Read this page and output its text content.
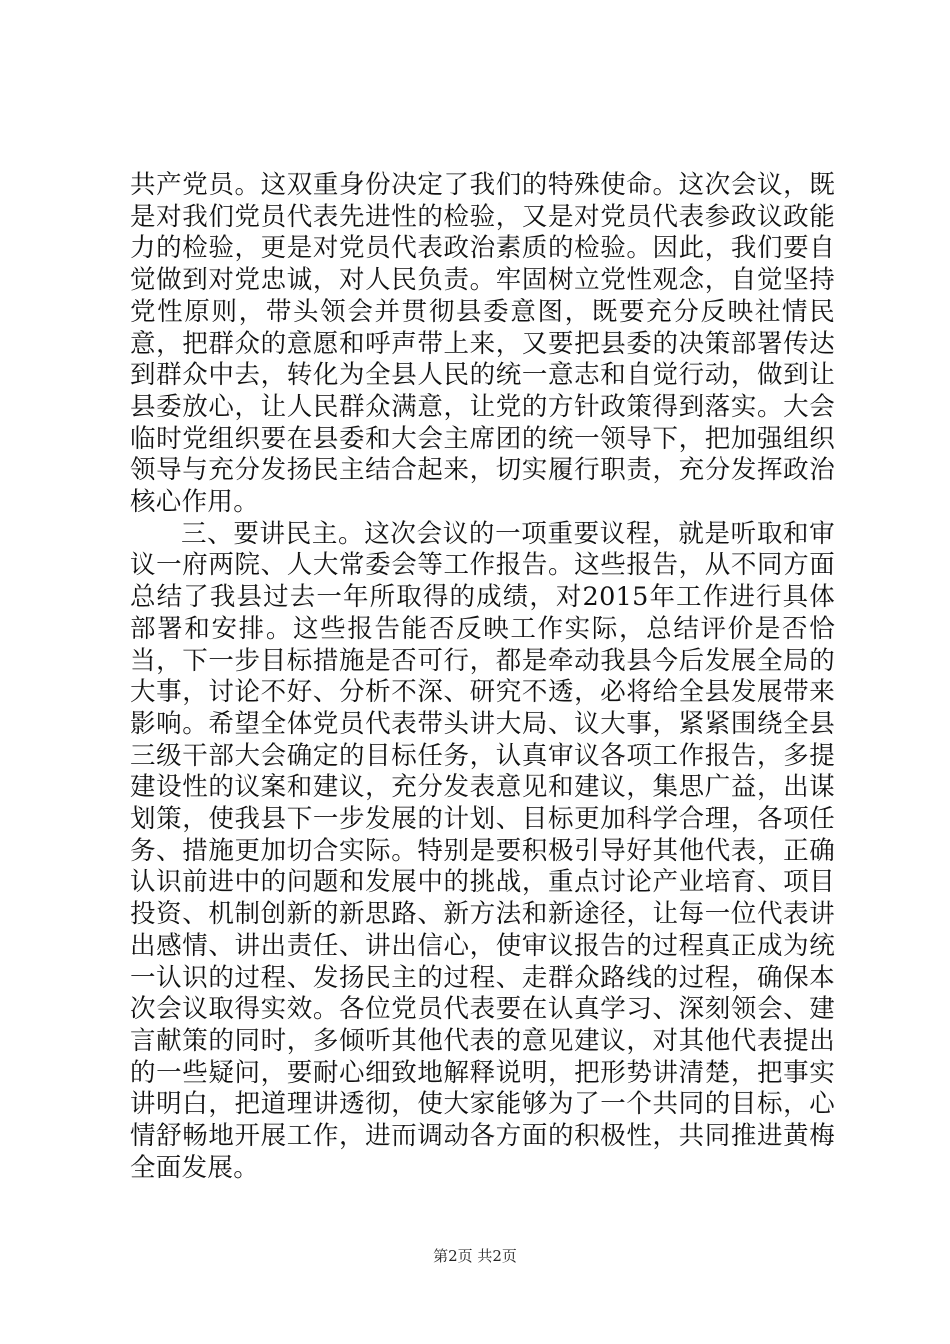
共产党员。这双重身份决定了我们的特殊使命。这次会议，既是对我们党员代表先进性的检验，又是对党员代表参政议政能力的检验，更是对党员代表政治素质的检验。因此，我们要自觉做到对党忠诚，对人民负责。牢固树立党性观念，自觉坚持党性原则，带头领会并贯彻县委意图，既要充分反映社情民意，把群众的意愿和呼声带上来，又要把县委的决策部署传达到群众中去，转化为全县人民的统一意志和自觉行动，做到让县委放心，让人民群众满意，让党的方针政策得到落实。大会临时党组织要在县委和大会主席团的统一领导下，把加强组织领导与充分发扬民主结合起来，切实履行职责，充分发挥政治核心作用。

三、要讲民主。这次会议的一项重要议程，就是听取和审议一府两院、人大常委会等工作报告。这些报告，从不同方面总结了我县过去一年所取得的成绩，对2015年工作进行具体部署和安排。这些报告能否反映工作实际，总结评价是否恰当，下一步目标措施是否可行，都是牵动我县今后发展全局的大事，讨论不好、分析不深、研究不透，必将给全县发展带来影响。希望全体党员代表带头讲大局、议大事，紧紧围绕全县三级干部大会确定的目标任务，认真审议各项工作报告，多提建设性的议案和建议，充分发表意见和建议，集思广益，出谋划策，使我县下一步发展的计划、目标更加科学合理，各项任务、措施更加切合实际。特别是要积极引导好其他代表，正确认识前进中的问题和发展中的挑战，重点讨论产业培育、项目投资、机制创新的新思路、新方法和新途径，让每一位代表讲出感情、讲出责任、讲出信心，使审议报告的过程真正成为统一认识的过程、发扬民主的过程、走群众路线的过程，确保本次会议取得实效。各位党员代表要在认真学习、深刻领会、建言献策的同时，多倾听其他代表的意见建议，对其他代表提出的一些疑问，要耐心细致地解释说明，把形势讲清楚，把事实讲明白，把道理讲透彻，使大家能够为了一个共同的目标，心情舒畅地开展工作，进而调动各方面的积极性，共同推进黄梅全面发展。

第2页 共2页
